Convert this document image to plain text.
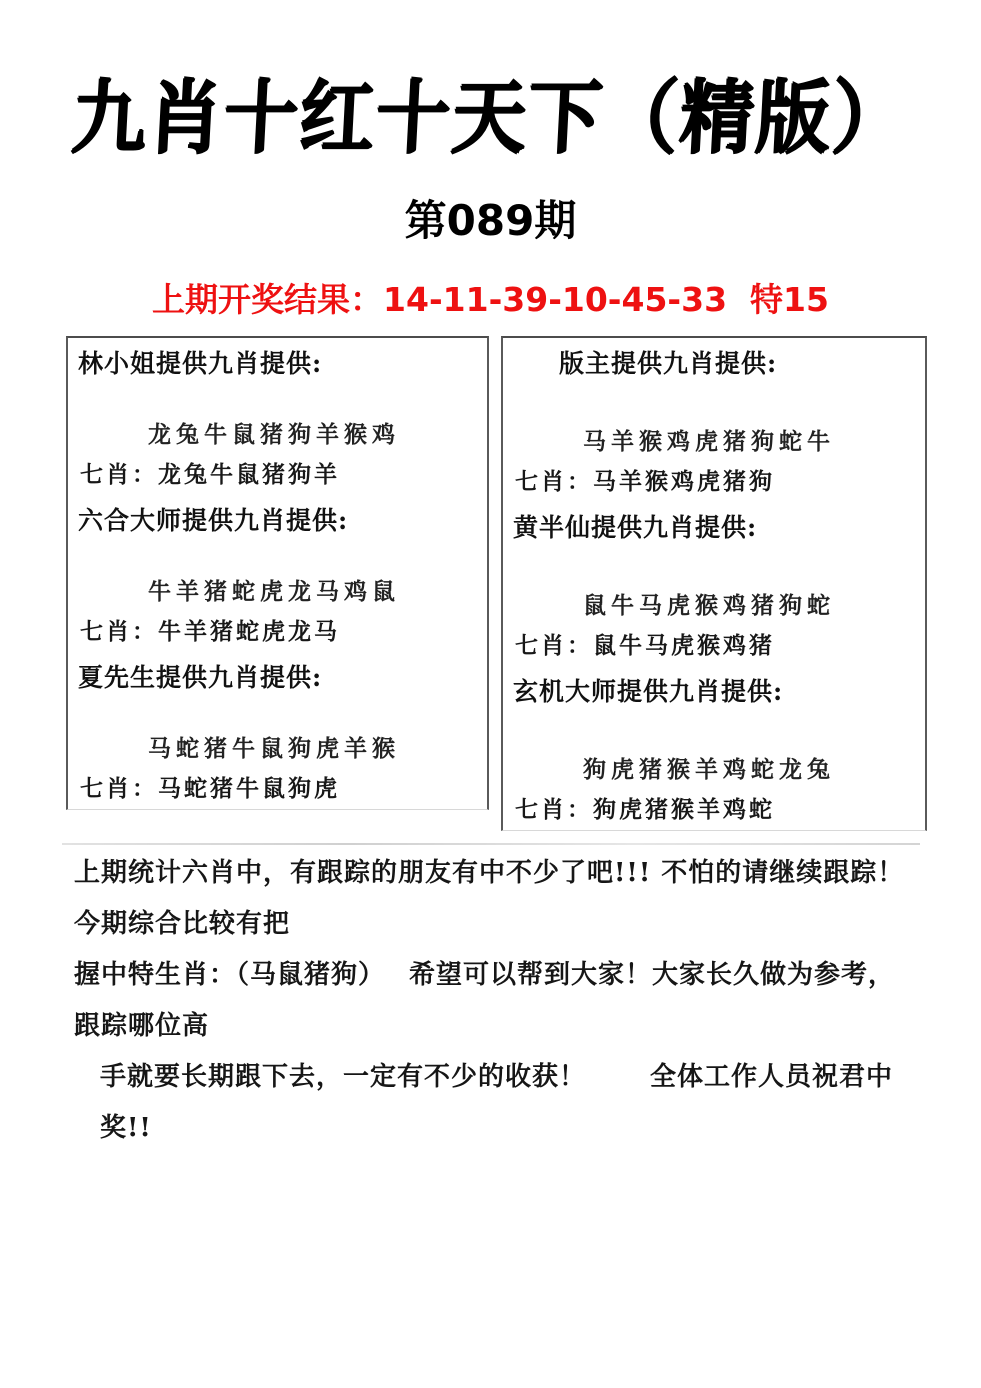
九肖十红十天下（精版）
第089期
上期开奖结果：14-11-39-10-45-33  特15
林小姐提供九肖提供:
龙兔牛鼠猪狗羊猴鸡
七肖：龙兔牛鼠猪狗羊
六合大师提供九肖提供:
牛羊猪蛇虎龙马鸡鼠
七肖：牛羊猪蛇虎龙马
夏先生提供九肖提供:
马蛇猪牛鼠狗虎羊猴
七肖：马蛇猪牛鼠狗虎
版主提供九肖提供:
马羊猴鸡虎猪狗蛇牛
七肖：马羊猴鸡虎猪狗
黄半仙提供九肖提供:
鼠牛马虎猴鸡猪狗蛇
七肖：鼠牛马虎猴鸡猪
玄机大师提供九肖提供:
狗虎猪猴羊鸡蛇龙兔
七肖：狗虎猪猴羊鸡蛇
上期统计六肖中，有跟踪的朋友有中不少了吧!!! 不怕的请继续跟踪！今期综合比较有把
握中特生肖：（马鼠猪狗）　 希望可以帮到大家！大家长久做为参考，跟踪哪位高
手就要长期跟下去，一定有不少的收获！　　 全体工作人员祝君中奖!!
